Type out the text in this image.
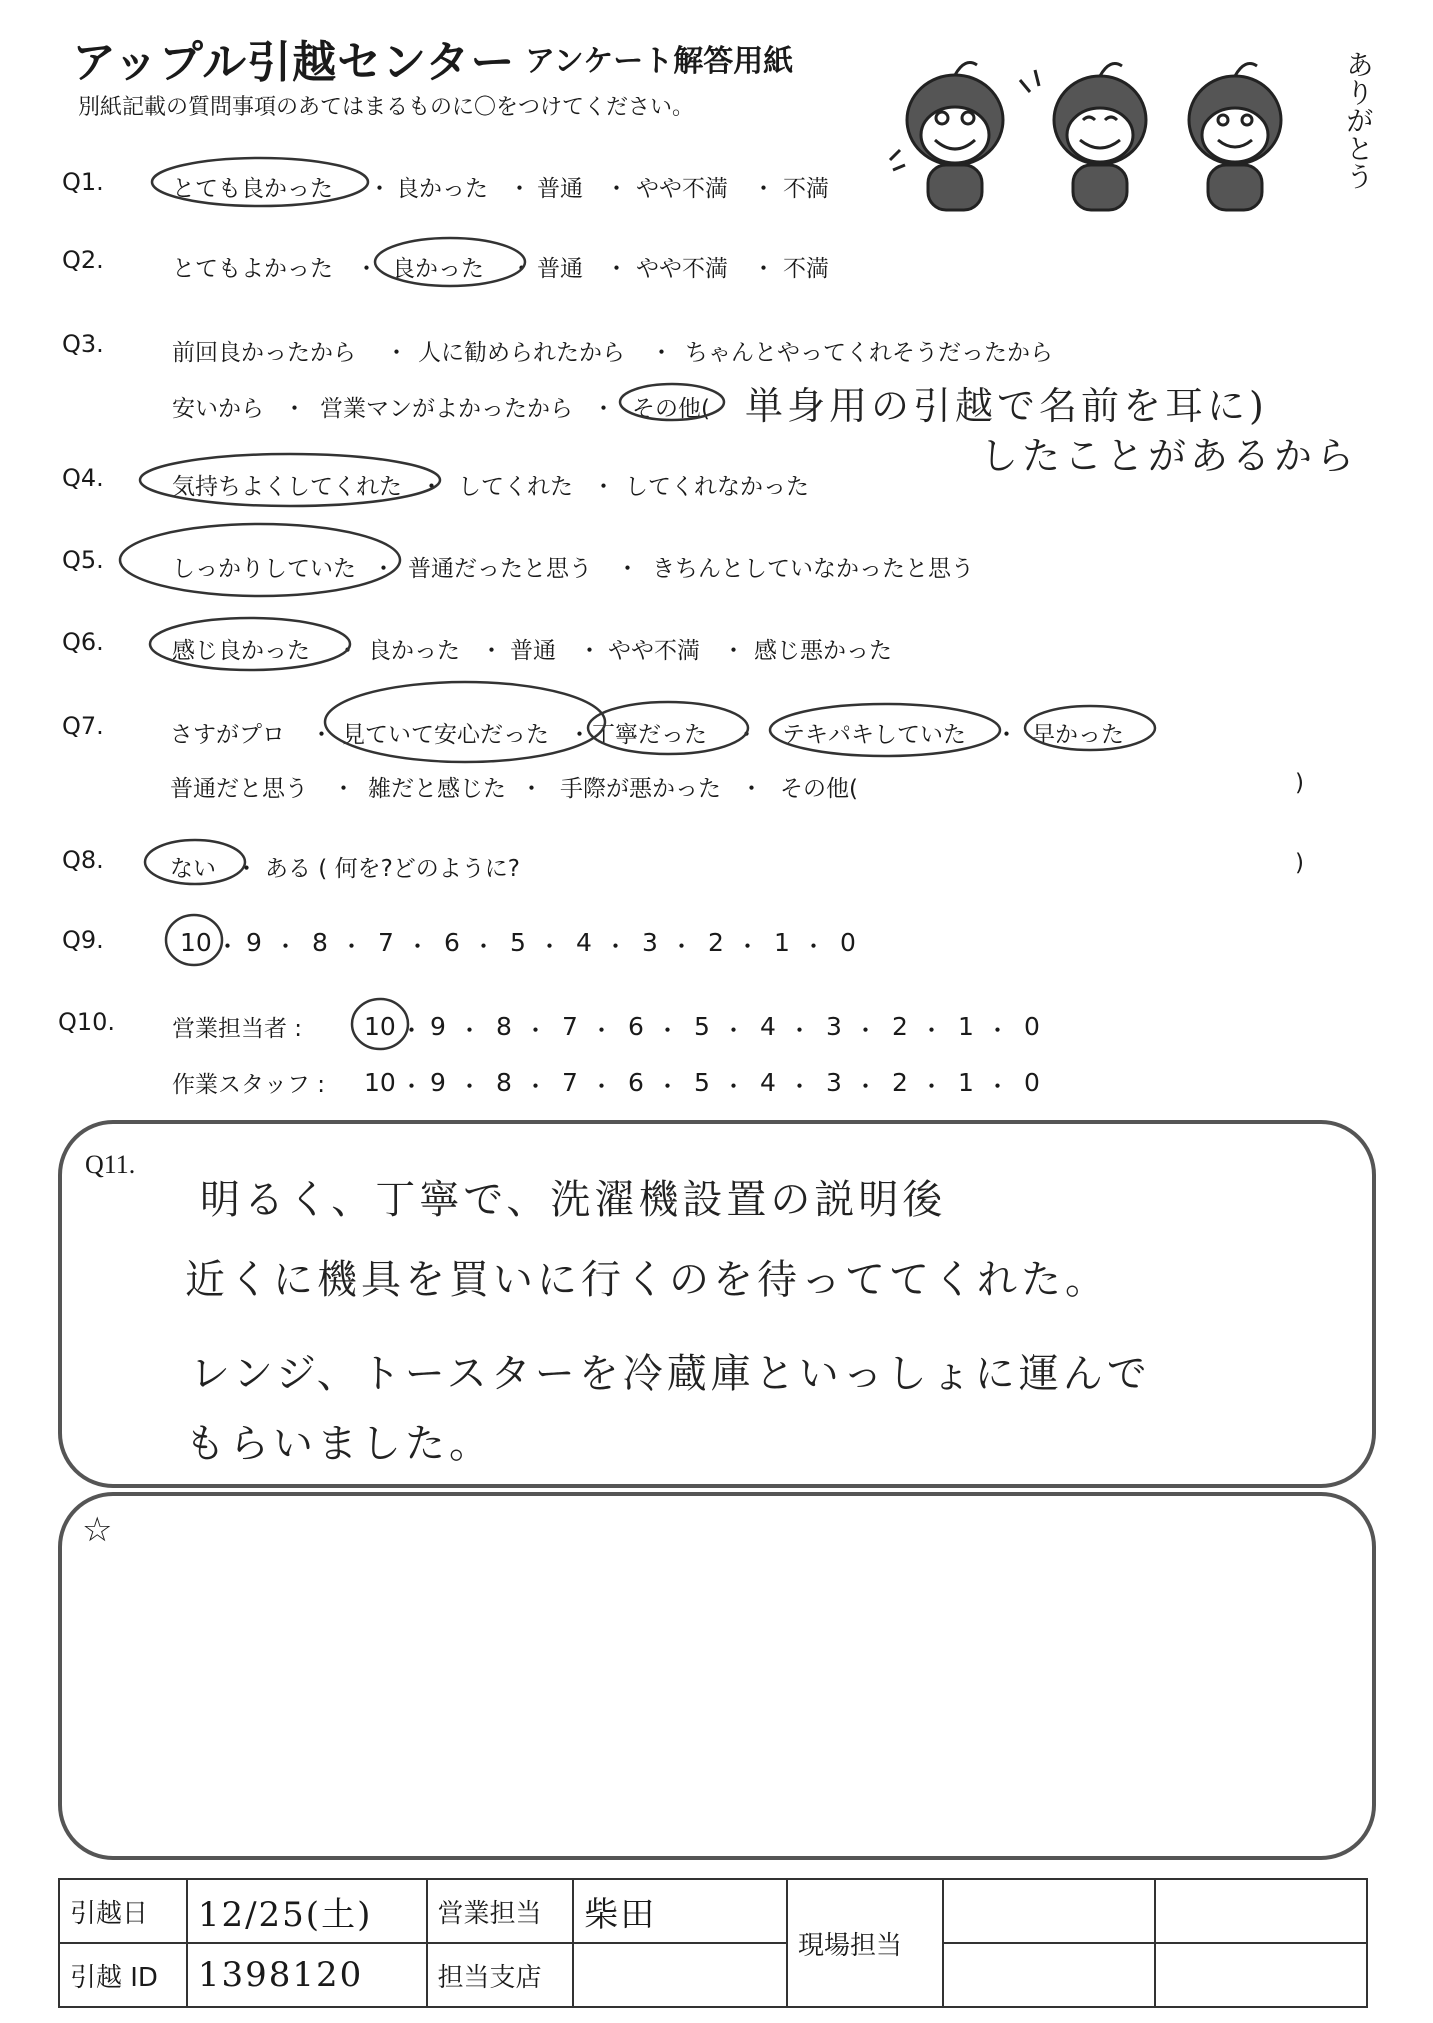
アップル引越センター アンケート解答用紙
別紙記載の質問事項のあてはまるものに〇をつけてください。	ありがとう
Q1.	とても良かった ・ 良かった ・ 普通 ・ やや不満 ・ 不満
Q2.	とてもよかった ・ 良かった ・ 普通 ・ やや不満 ・ 不満
Q3.	前回良かったから ・ 人に勧められたから ・ ちゃんとやってくれそうだったから
安いから ・ 営業マンがよかったから ・ その他( 単身用の引越で名前を耳に)
したことがあるから
Q4.	気持ちよくしてくれた ・ してくれた ・ してくれなかった
Q5.	しっかりしていた ・ 普通だったと思う ・ きちんとしていなかったと思う
Q6.	感じ良かった ・ 良かった ・ 普通 ・ やや不満 ・ 感じ悪かった
Q7.	さすがプロ ・ 見ていて安心だった ・ 丁寧だった ・ テキパキしていた ・ 早かった
普通だと思う ・ 雑だと感じた ・ 手際が悪かった ・ その他(	)
Q8.	ない ・ ある ( 何を?どのように?	)
Q9.	10 ・ 9 ・ 8 ・ 7 ・ 6 ・ 5 ・ 4 ・ 3 ・ 2 ・ 1 ・ 0
Q10. 営業担当者 : 10 ・ 9 ・ 8 ・ 7 ・ 6 ・ 5 ・ 4 ・ 3 ・ 2 ・ 1 ・ 0
作業スタッフ : 10 ・ 9 ・ 8 ・ 7 ・ 6 ・ 5 ・ 4 ・ 3 ・ 2 ・ 1 ・ 0
Q11.
明るく、丁寧で、洗濯機設置の説明後
近くに機具を買いに行くのを待っててくれた。
レンジ、トースターを冷蔵庫といっしょに運んで
もらいました。
☆
引越日	12/25(土)	営業担当	柴田	現場担当		
引越 ID	1398120	担当支店				
